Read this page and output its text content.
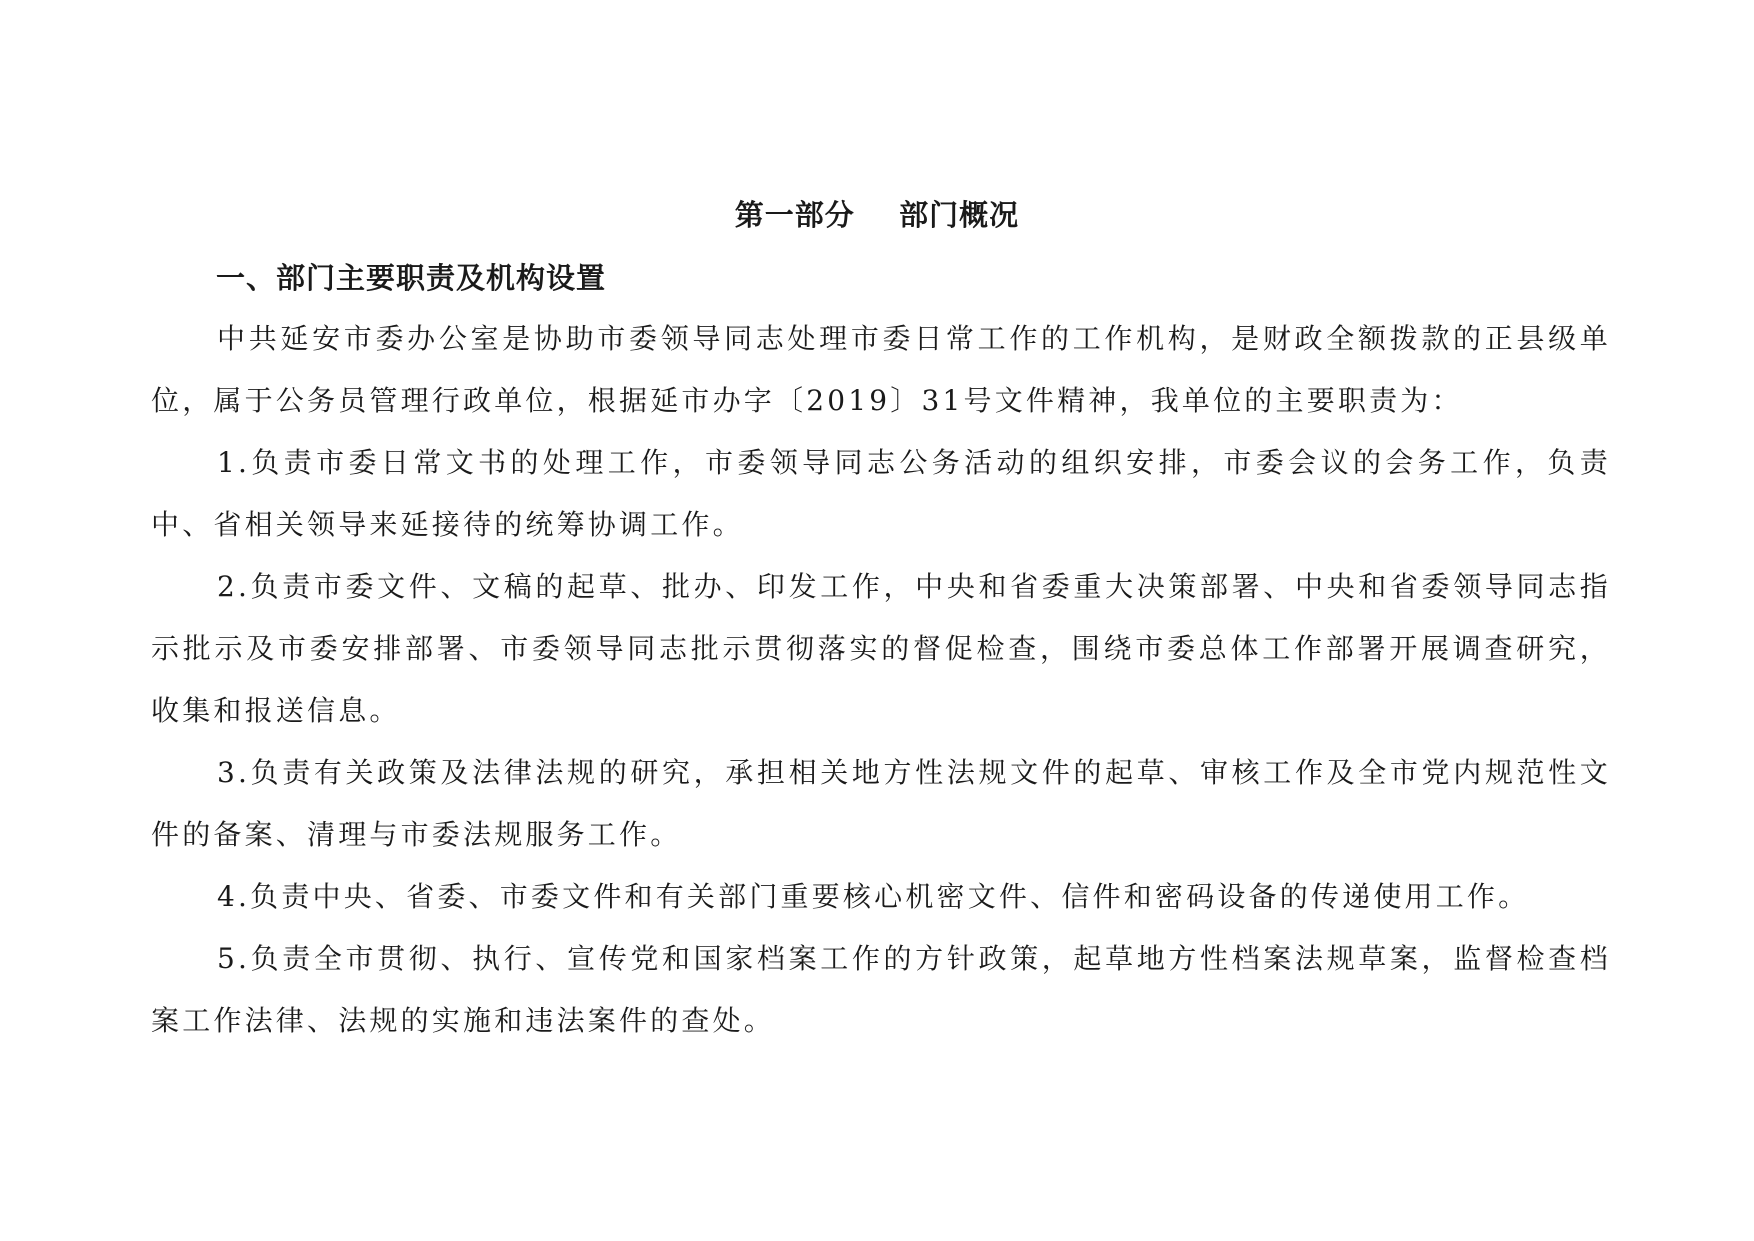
第一部分    部门概况
一、部门主要职责及机构设置

中共延安市委办公室是协助市委领导同志处理市委日常工作的工作机构，是财政全额拨款的正县级单位，属于公务员管理行政单位，根据延市办字〔2019〕31号文件精神，我单位的主要职责为：

1.负责市委日常文书的处理工作，市委领导同志公务活动的组织安排，市委会议的会务工作，负责中、省相关领导来延接待的统筹协调工作。

2.负责市委文件、文稿的起草、批办、印发工作，中央和省委重大决策部署、中央和省委领导同志指示批示及市委安排部署、市委领导同志批示贯彻落实的督促检查，围绕市委总体工作部署开展调查研究，收集和报送信息。

3.负责有关政策及法律法规的研究，承担相关地方性法规文件的起草、审核工作及全市党内规范性文件的备案、清理与市委法规服务工作。

4.负责中央、省委、市委文件和有关部门重要核心机密文件、信件和密码设备的传递使用工作。

5.负责全市贯彻、执行、宣传党和国家档案工作的方针政策，起草地方性档案法规草案，监督检查档案工作法律、法规的实施和违法案件的查处。
